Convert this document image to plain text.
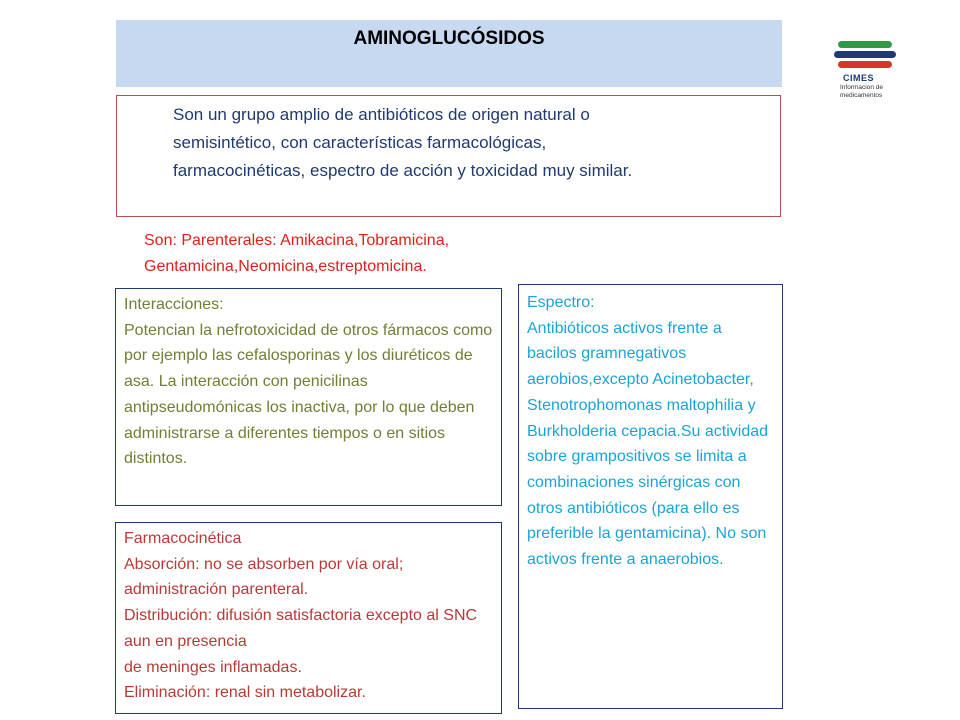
AMINOGLUCÓSIDOS
CIMES
Informacion de medicamentos

Son un grupo amplio de antibióticos de origen natural o semisintético, con características farmacológicas, farmacocinéticas, espectro de acción y toxicidad muy similar.

Son: Parenterales: Amikacina,Tobramicina, Gentamicina,Neomicina,estreptomicina.

Interacciones:

Potencian la nefrotoxicidad de otros fármacos como por ejemplo las cefalosporinas y los diuréticos de asa. La interacción con penicilinas antipseudomónicas los inactiva, por lo que deben administrarse a diferentes tiempos o en sitios distintos.

Espectro:

Antibióticos activos frente a bacilos gramnegativos aerobios,excepto Acinetobacter, Stenotrophomonas maltophilia y Burkholderia cepacia.Su actividad sobre grampositivos se limita a combinaciones sinérgicas con otros antibióticos (para ello es preferible la gentamicina). No son activos frente a anaerobios.

Farmacocinética

Absorción: no se absorben por vía oral; administración parenteral.

Distribución: difusión satisfactoria excepto al SNC aun en presencia

de meninges inflamadas.

Eliminación: renal sin metabolizar.
